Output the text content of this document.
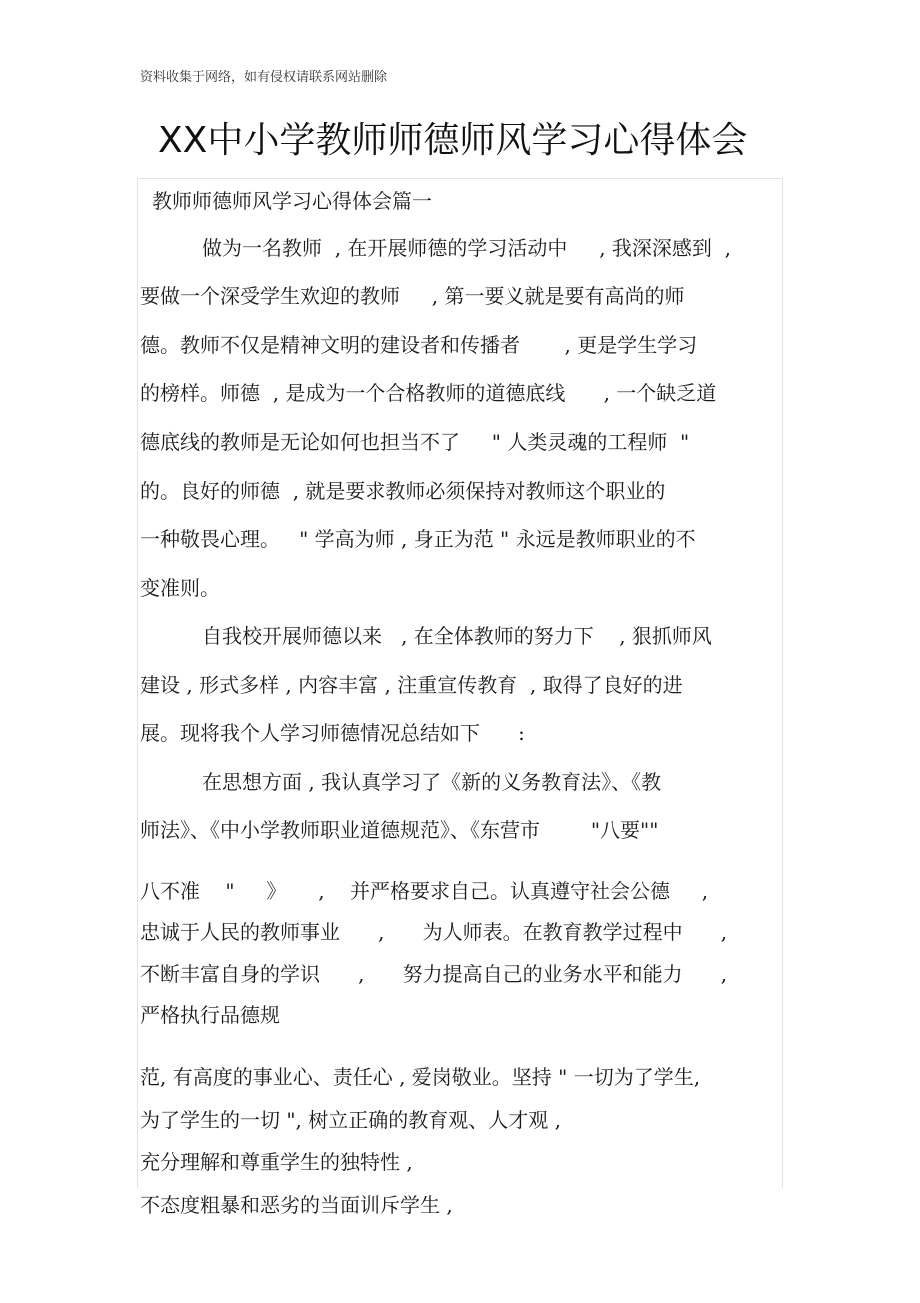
资料收集于网络，如有侵权请联系网站删除
XX中小学教师师德师风学习心得体会
教师师德师风学习心得体会篇一
做为一名教师  , 在开展师德的学习活动中     , 我深深感到  ,
要做一个深受学生欢迎的教师     , 第一要义就是要有高尚的师
德。教师不仅是精神文明的建设者和传播者       , 更是学生学习
的榜样。师德  , 是成为一个合格教师的道德底线      , 一个缺乏道
德底线的教师是无论如何也担当不了     " 人类灵魂的工程师  "
的。良好的师德  , 就是要求教师必须保持对教师这个职业的
一种敬畏心理。   " 学高为师 , 身正为范 " 永远是教师职业的不
变准则。
自我校开展师德以来   , 在全体教师的努力下    , 狠抓师风
建设 , 形式多样 , 内容丰富 , 注重宣传教育  , 取得了良好的进
展。现将我个人学习师德情况总结如下      :
在思想方面 , 我认真学习了《新的义务教育法》、《教
师法》、《中小学教师职业道德规范》、《东营市        "八要""
八不准    "     》     ,    并严格要求自己。认真遵守社会公德     ,
忠诚于人民的教师事业      ,      为人师表。在教育教学过程中      ,
不断丰富自身的学识      ,      努力提高自己的业务水平和能力      ,
严格执行品德规
范, 有高度的事业心、责任心 , 爱岗敬业。坚持 " 一切为了学生,
为了学生的一切 ", 树立正确的教育观、人才观 ,
充分理解和尊重学生的独特性 ,
不态度粗暴和恶劣的当面训斥学生 ,
